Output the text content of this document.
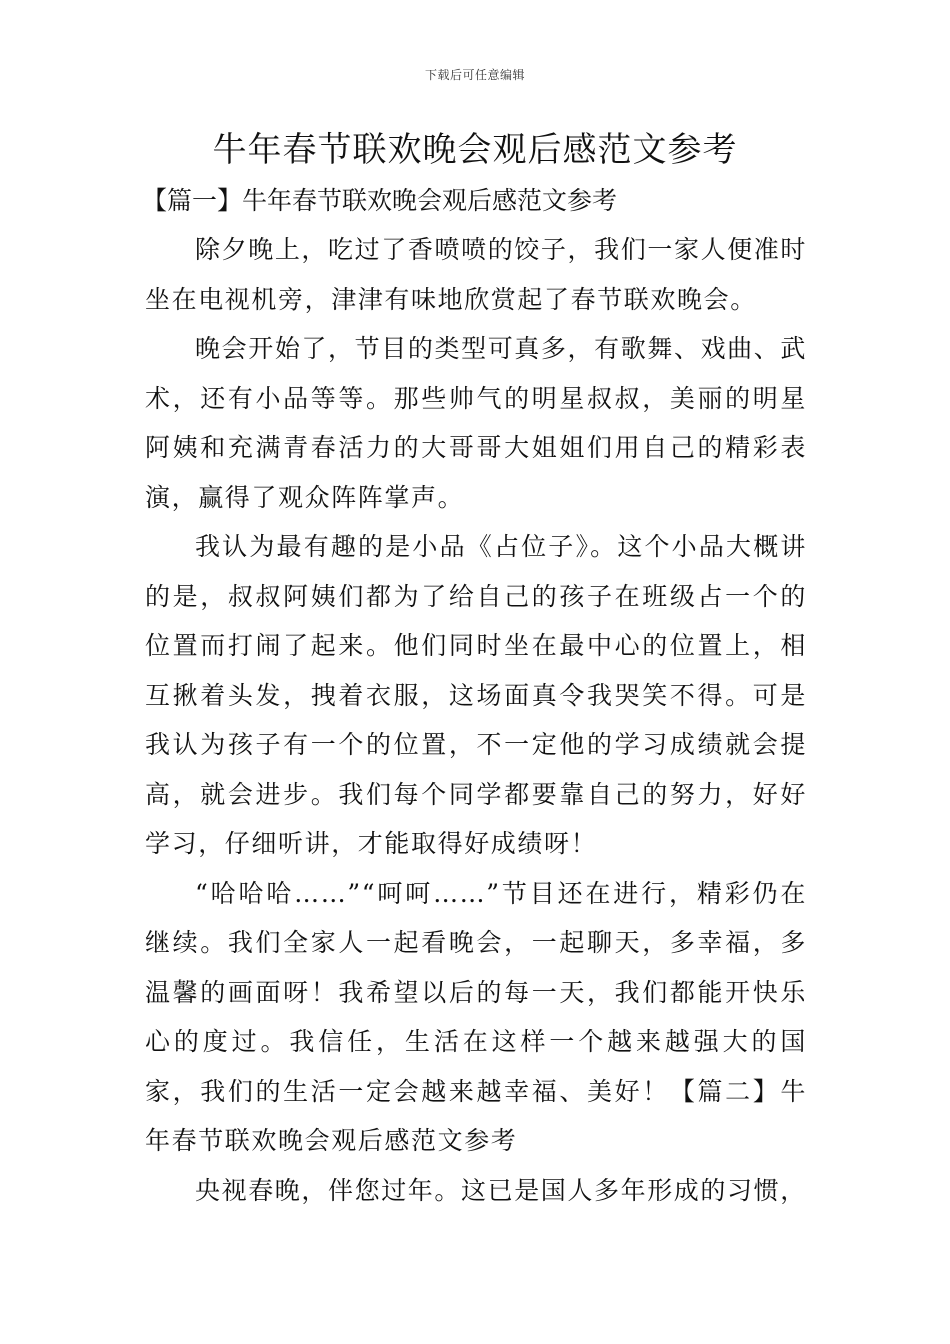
下载后可任意编辑
牛年春节联欢晚会观后感范文参考

【篇一】牛年春节联欢晚会观后感范文参考

除夕晚上，吃过了香喷喷的饺子，我们一家人便准时坐在电视机旁，津津有味地欣赏起了春节联欢晚会。

晚会开始了，节目的类型可真多，有歌舞、戏曲、武术，还有小品等等。那些帅气的明星叔叔，美丽的明星阿姨和充满青春活力的大哥哥大姐姐们用自己的精彩表演，赢得了观众阵阵掌声。

我认为最有趣的是小品《占位子》。这个小品大概讲的是，叔叔阿姨们都为了给自己的孩子在班级占一个的位置而打闹了起来。他们同时坐在最中心的位置上，相互揪着头发，拽着衣服，这场面真令我哭笑不得。可是我认为孩子有一个的位置，不一定他的学习成绩就会提高，就会进步。我们每个同学都要靠自己的努力，好好学习，仔细听讲，才能取得好成绩呀！

“哈哈哈……”“呵呵……”节目还在进行，精彩仍在继续。我们全家人一起看晚会，一起聊天，多幸福，多温馨的画面呀！我希望以后的每一天，我们都能开快乐心的度过。我信任，生活在这样一个越来越强大的国家，我们的生活一定会越来越幸福、美好！【篇二】牛年春节联欢晚会观后感范文参考

央视春晚，伴您过年。这已是国人多年形成的习惯，
